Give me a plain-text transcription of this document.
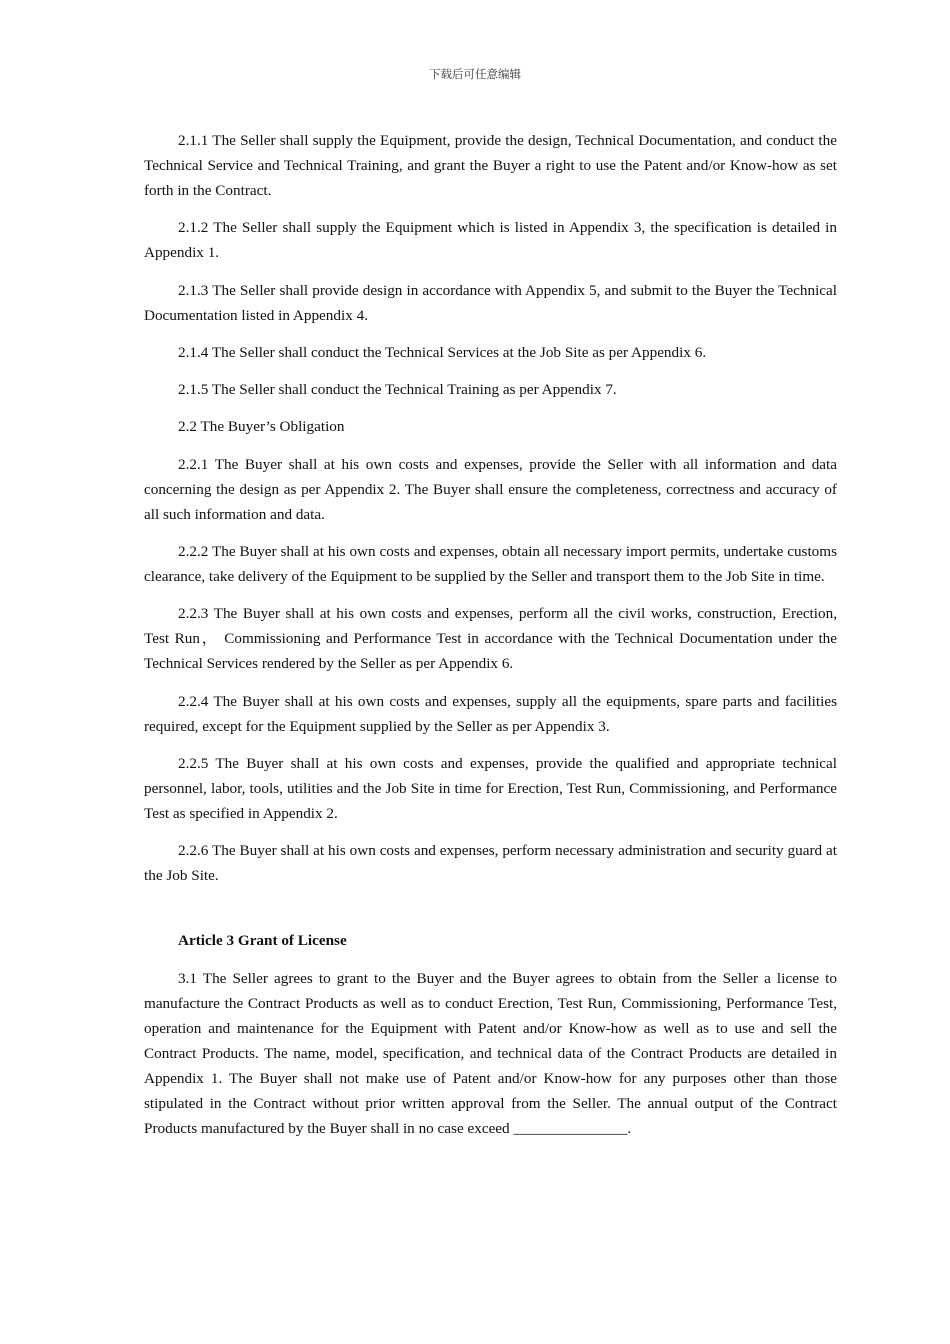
下载后可任意编辑

2.1.1 The Seller shall supply the Equipment, provide the design, Technical Documentation, and conduct the Technical Service and Technical Training, and grant the Buyer a right to use the Patent and/or Know-how as set forth in the Contract.

2.1.2 The Seller shall supply the Equipment which is listed in Appendix 3, the specification is detailed in Appendix 1.

2.1.3 The Seller shall provide design in accordance with Appendix 5, and submit to the Buyer the Technical Documentation listed in Appendix 4.

2.1.4 The Seller shall conduct the Technical Services at the Job Site as per Appendix 6.

2.1.5 The Seller shall conduct the Technical Training as per Appendix 7.

2.2 The Buyer’s Obligation

2.2.1 The Buyer shall at his own costs and expenses, provide the Seller with all information and data concerning the design as per Appendix 2. The Buyer shall ensure the completeness, correctness and accuracy of all such information and data.

2.2.2 The Buyer shall at his own costs and expenses, obtain all necessary import permits, undertake customs clearance, take delivery of the Equipment to be supplied by the Seller and transport them to the Job Site in time.

2.2.3 The Buyer shall at his own costs and expenses, perform all the civil works, construction, Erection, Test Run， Commissioning and Performance Test in accordance with the Technical Documentation under the Technical Services rendered by the Seller as per Appendix 6.

2.2.4 The Buyer shall at his own costs and expenses, supply all the equipments, spare parts and facilities required, except for the Equipment supplied by the Seller as per Appendix 3.

2.2.5 The Buyer shall at his own costs and expenses, provide the qualified and appropriate technical personnel, labor, tools, utilities and the Job Site in time for Erection, Test Run, Commissioning, and Performance Test as specified in Appendix 2.

2.2.6 The Buyer shall at his own costs and expenses, perform necessary administration and security guard at the Job Site.

Article 3 Grant of License

3.1 The Seller agrees to grant to the Buyer and the Buyer agrees to obtain from the Seller a license to manufacture the Contract Products as well as to conduct Erection, Test Run, Commissioning, Performance Test, operation and maintenance for the Equipment with Patent and/or Know-how as well as to use and sell the Contract Products. The name, model, specification, and technical data of the Contract Products are detailed in Appendix 1. The Buyer shall not make use of Patent and/or Know-how for any purposes other than those stipulated in the Contract without prior written approval from the Seller. The annual output of the Contract Products manufactured by the Buyer shall in no case exceed _______________.
